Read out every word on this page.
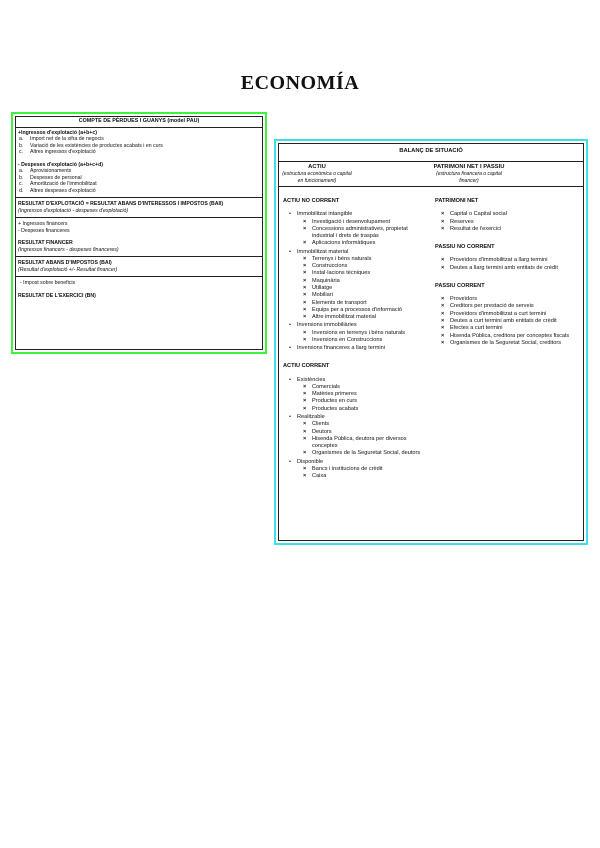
ECONOMÍA
COMPTE DE PÈRDUES I GUANYS (model PAU)
+Ingressos d'explotació (a+b+c)
a.	Import net de la xifra de negocis
b.	Variació de les existències de productes acabats i en curs
c.	Altres ingressos d'explotació
- Despeses d'explotació (a+b+c+d)
a.	Aprovisionaments
b.	Despeses de personal
c.	Amortització de l'immobilitzat
d.	Altres despeses d'explotació
RESULTAT D'EXPLOTACIÓ = RESULTAT ABANS D'INTERESSOS I IMPOSTOS (BAII)
(Ingressos d'explotació - despeses d'explotació)
+ Ingressos financers
- Despeses financeres
RESULTAT FINANCER
(Ingressos financers - despeses financeres)
RESULTAT ABANS D'IMPOSTOS (BAI)
(Resultat d'explotació +/- Resultat financer)
- Impost sobre beneficis
RESULTAT DE L'EXERCICI (BN)
BALANÇ DE SITUACIÓ
ACTIU
(estructura econòmica o capital en funcionament)
PATRIMONI NET I PASSIU
(estructura financera o capital financer)
ACTIU NO CORRENT
• Immobilitzat intangible
× Investigació i desenvolupament
× Concessions administratives, propietat industrial i drets de traspàs
× Aplicacions informàtiques
• Immobilitzat material
× Terrenys i béns naturals
× Construccions
× Instal·lacions tècniques
× Maquinària
× Utillatge
× Mobiliari
× Elements de transport
× Equips per a processos d'informació
× Altre immobilitzat material
• Inversions immobiliàries
× Inversions en terrenys i béns naturals
× Inversions en Construccions
• Inversions financeres a llarg termini
ACTIU CORRENT
• Existències
× Comercials
× Matèries primeres
× Productes en curs
× Productes acabats
• Realitzable
× Clients
× Deutors
× Hisenda Pública, deutora per diversos conceptes
× Organismes de la Seguretat Social, deutors
• Disponible
× Bancs i institucions de crèdit
× Caixa
PATRIMONI NET
× Capital o Capital social
× Reserves
× Resultat de l'exercici
PASSIU NO CORRENT
× Proveïdors d'immobilitzat a llarg termini
× Deutes a llarg termini amb entitats de crèdit
PASSIU CORRENT
× Proveïdors
× Creditors per prestació de serveis
× Proveïdors d'immobilitzat a curt termini
× Deutes a curt termini amb entitats de crèdit
× Efectes a curt termini
× Hisenda Pública, creditora per conceptes fiscals
× Organismes de la Seguretat Social, creditors
